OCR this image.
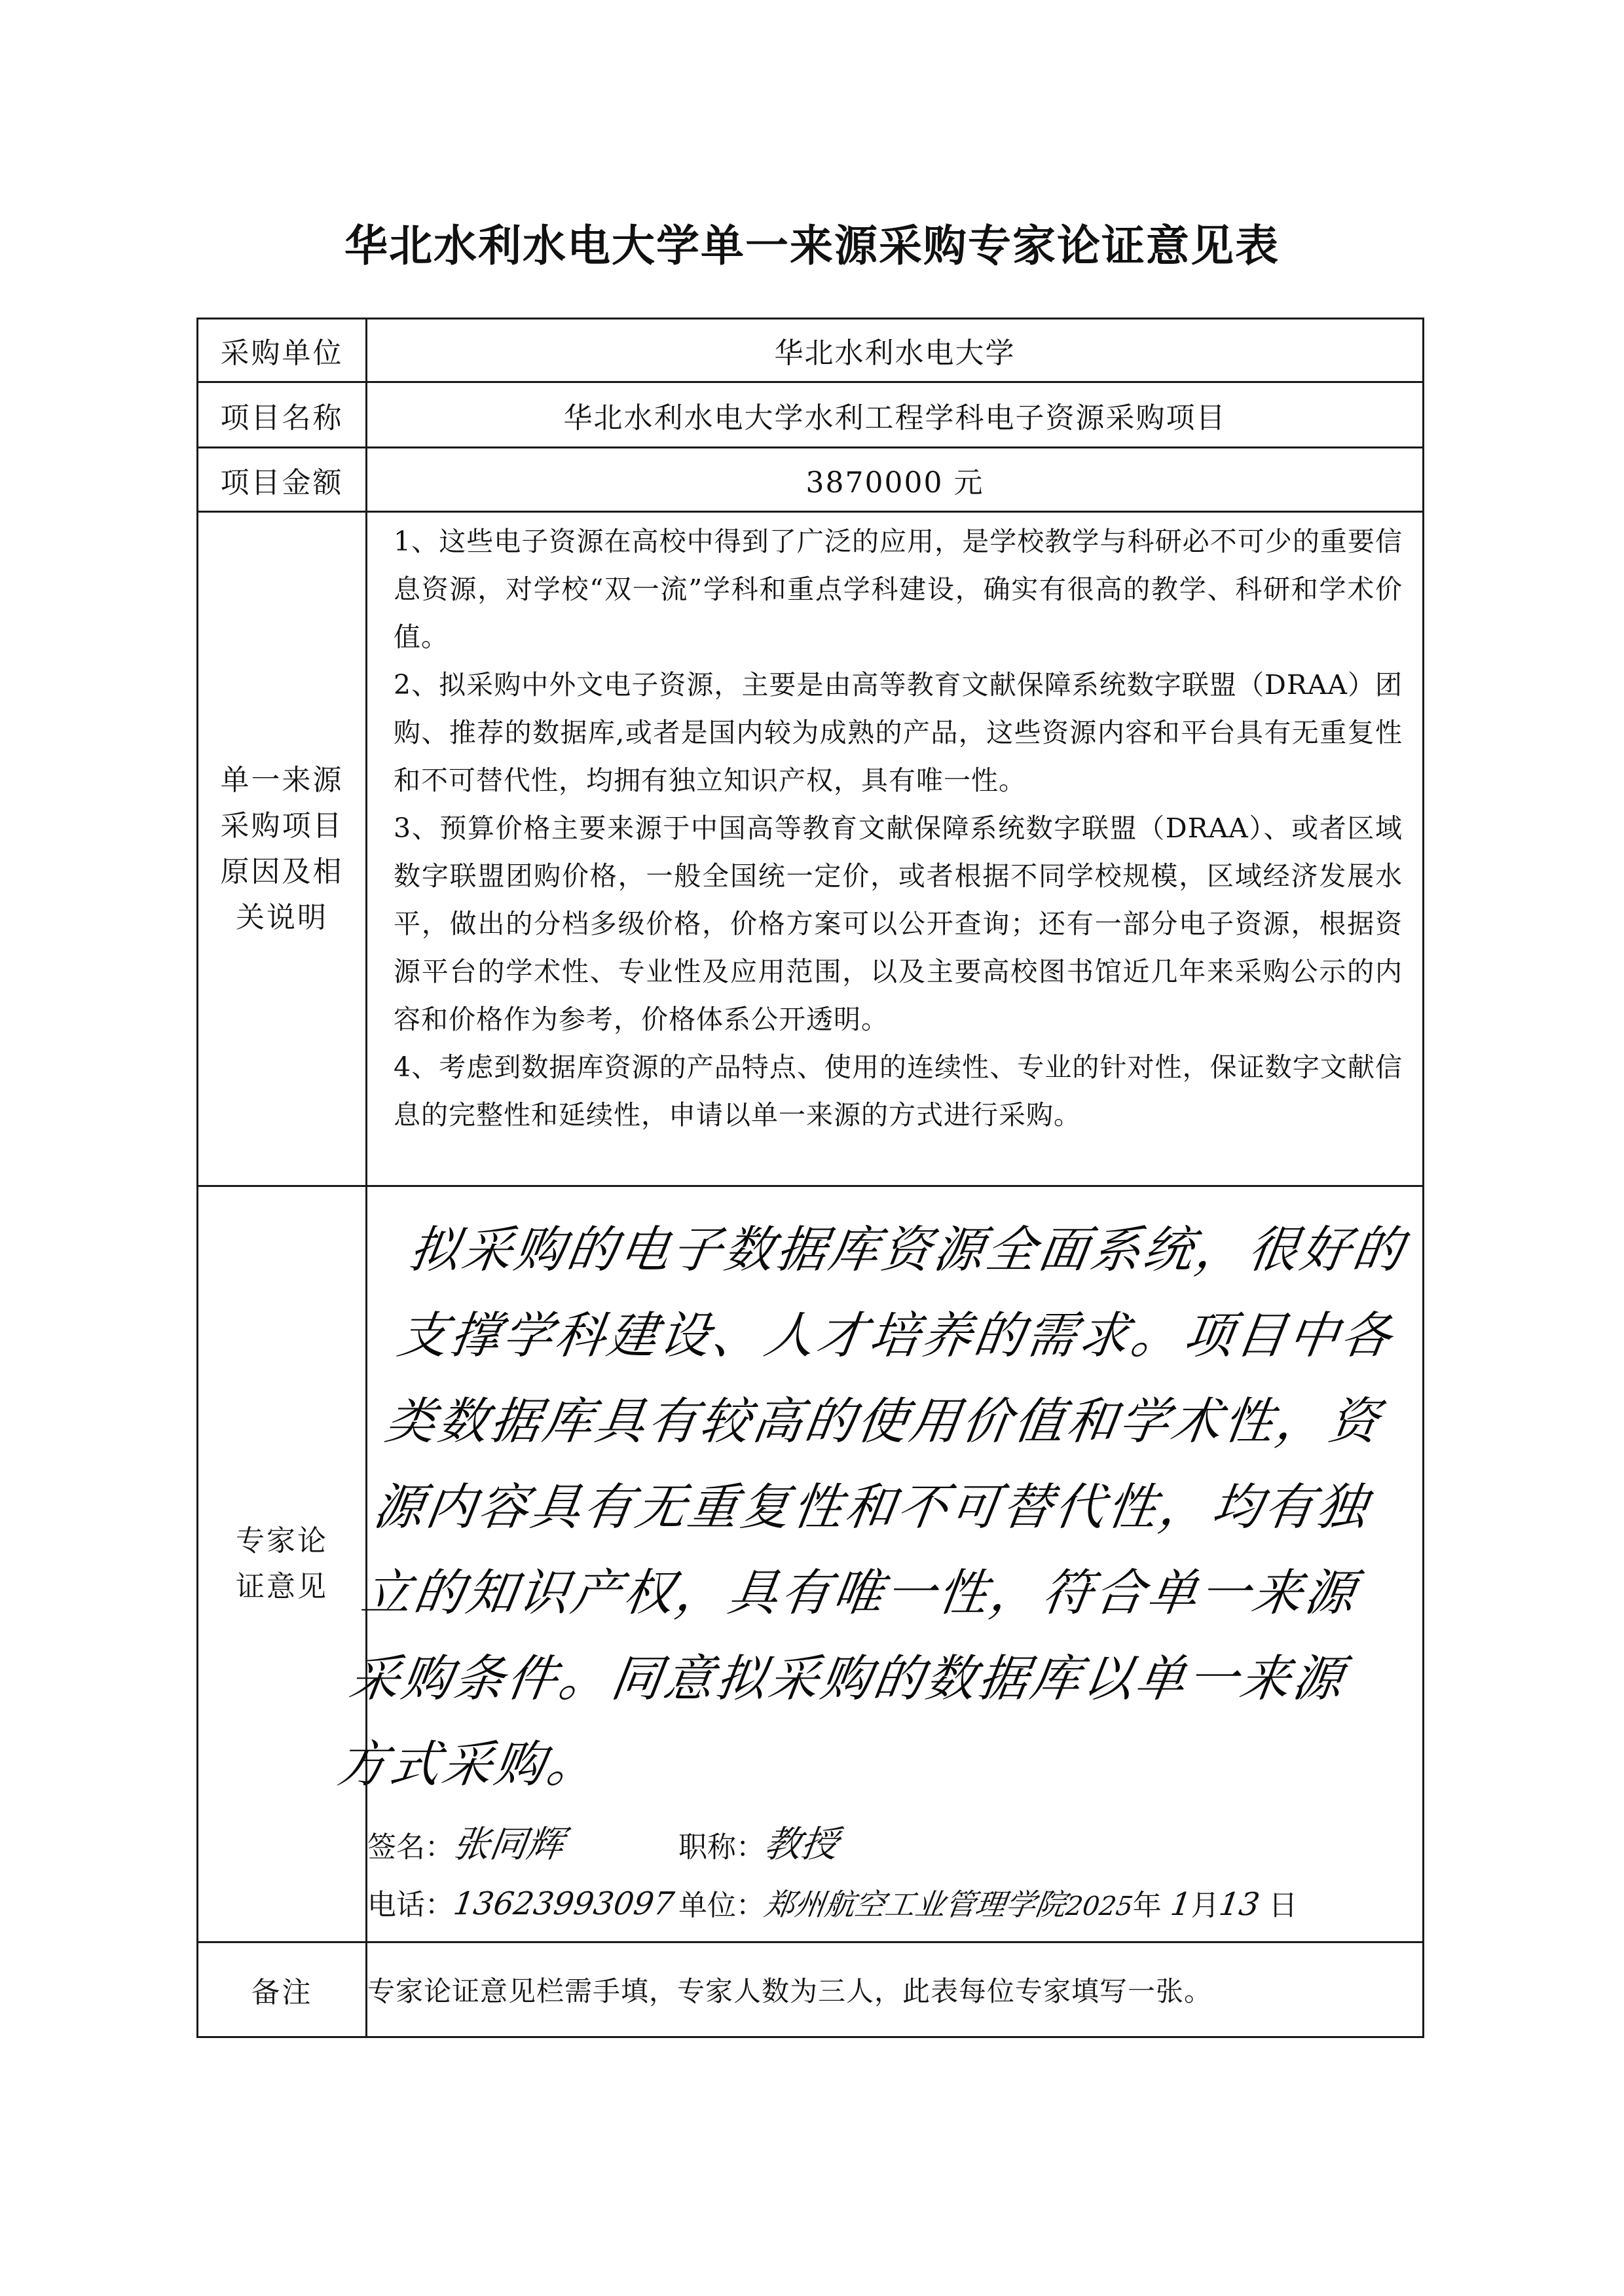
华北水利水电大学单一来源采购专家论证意见表
采购单位	华北水利水电大学
项目名称	华北水利水电大学水利工程学科电子资源采购项目
项目金额	3870000 元

单一来源采购项目原因及相关说明	1、这些电子资源在高校中得到了广泛的应用，是学校教学与科研必不可少的重要信息资源，对学校“双一流”学科和重点学科建设，确实有很高的教学、科研和学术价值。

2、拟采购中外文电子资源，主要是由高等教育文献保障系统数字联盟（DRAA）团购、推荐的数据库,或者是国内较为成熟的产品，这些资源内容和平台具有无重复性和不可替代性，均拥有独立知识产权，具有唯一性。

3、预算价格主要来源于中国高等教育文献保障系统数字联盟（DRAA）、或者区域数字联盟团购价格，一般全国统一定价，或者根据不同学校规模，区域经济发展水平，做出的分档多级价格，价格方案可以公开查询；还有一部分电子资源，根据资源平台的学术性、专业性及应用范围，以及主要高校图书馆近几年来采购公示的内容和价格作为参考，价格体系公开透明。

4、考虑到数据库资源的产品特点、使用的连续性、专业的针对性，保证数字文献信息的完整性和延续性，申请以单一来源的方式进行采购。

专家论证意见	拟采购的电子数据库资源全面系统，很好的支撑学科建设、人才培养的需求。项目中各类数据库具有较高的使用价值和学术性，资源内容具有无重复性和不可替代性，均有独立的知识产权，具有唯一性，符合单一来源采购条件。同意拟采购的数据库以单一来源方式采购。
签名：张同辉 职称：教授
电话：13623993097 单位：郑州航空工业管理学院2025年 1月13 日

备注	专家论证意见栏需手填，专家人数为三人，此表每位专家填写一张。
